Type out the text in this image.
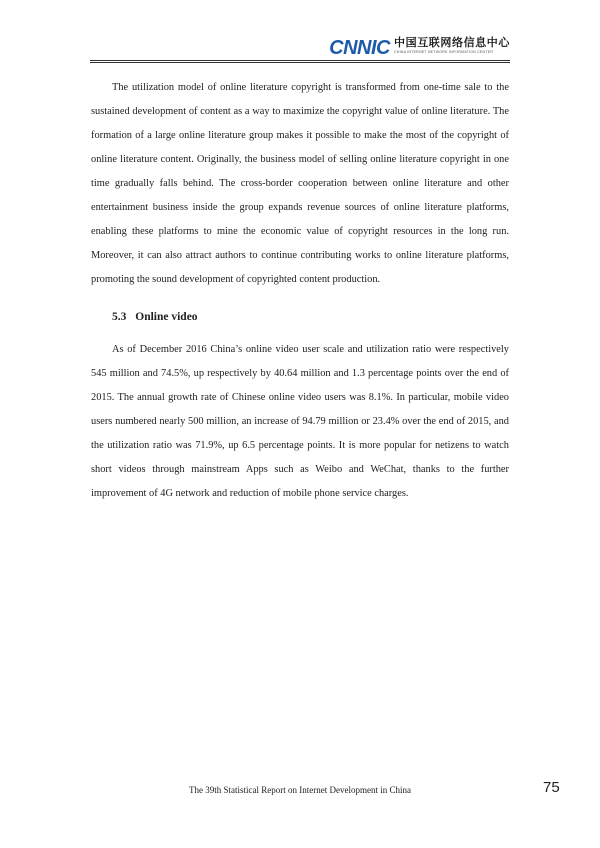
CNNIC 中国互联网络信息中心
CHINA INTERNET NETWORK INFORMATION CENTER

The utilization model of online literature copyright is transformed from one-time sale to the sustained development of content as a way to maximize the copyright value of online literature. The formation of a large online literature group makes it possible to make the most of the copyright of online literature content. Originally, the business model of selling online literature copyright in one time gradually falls behind. The cross-border cooperation between online literature and other entertainment business inside the group expands revenue sources of online literature platforms, enabling these platforms to mine the economic value of copyright resources in the long run. Moreover, it can also attract authors to continue contributing works to online literature platforms, promoting the sound development of copyrighted content production.

5.3 Online video

As of December 2016 China’s online video user scale and utilization ratio were respectively 545 million and 74.5%, up respectively by 40.64 million and 1.3 percentage points over the end of 2015. The annual growth rate of Chinese online video users was 8.1%. In particular, mobile video users numbered nearly 500 million, an increase of 94.79 million or 23.4% over the end of 2015, and the utilization ratio was 71.9%, up 6.5 percentage points. It is more popular for netizens to watch short videos through mainstream Apps such as Weibo and WeChat, thanks to the further improvement of 4G network and reduction of mobile phone service charges.

The 39th Statistical Report on Internet Development in China	75
